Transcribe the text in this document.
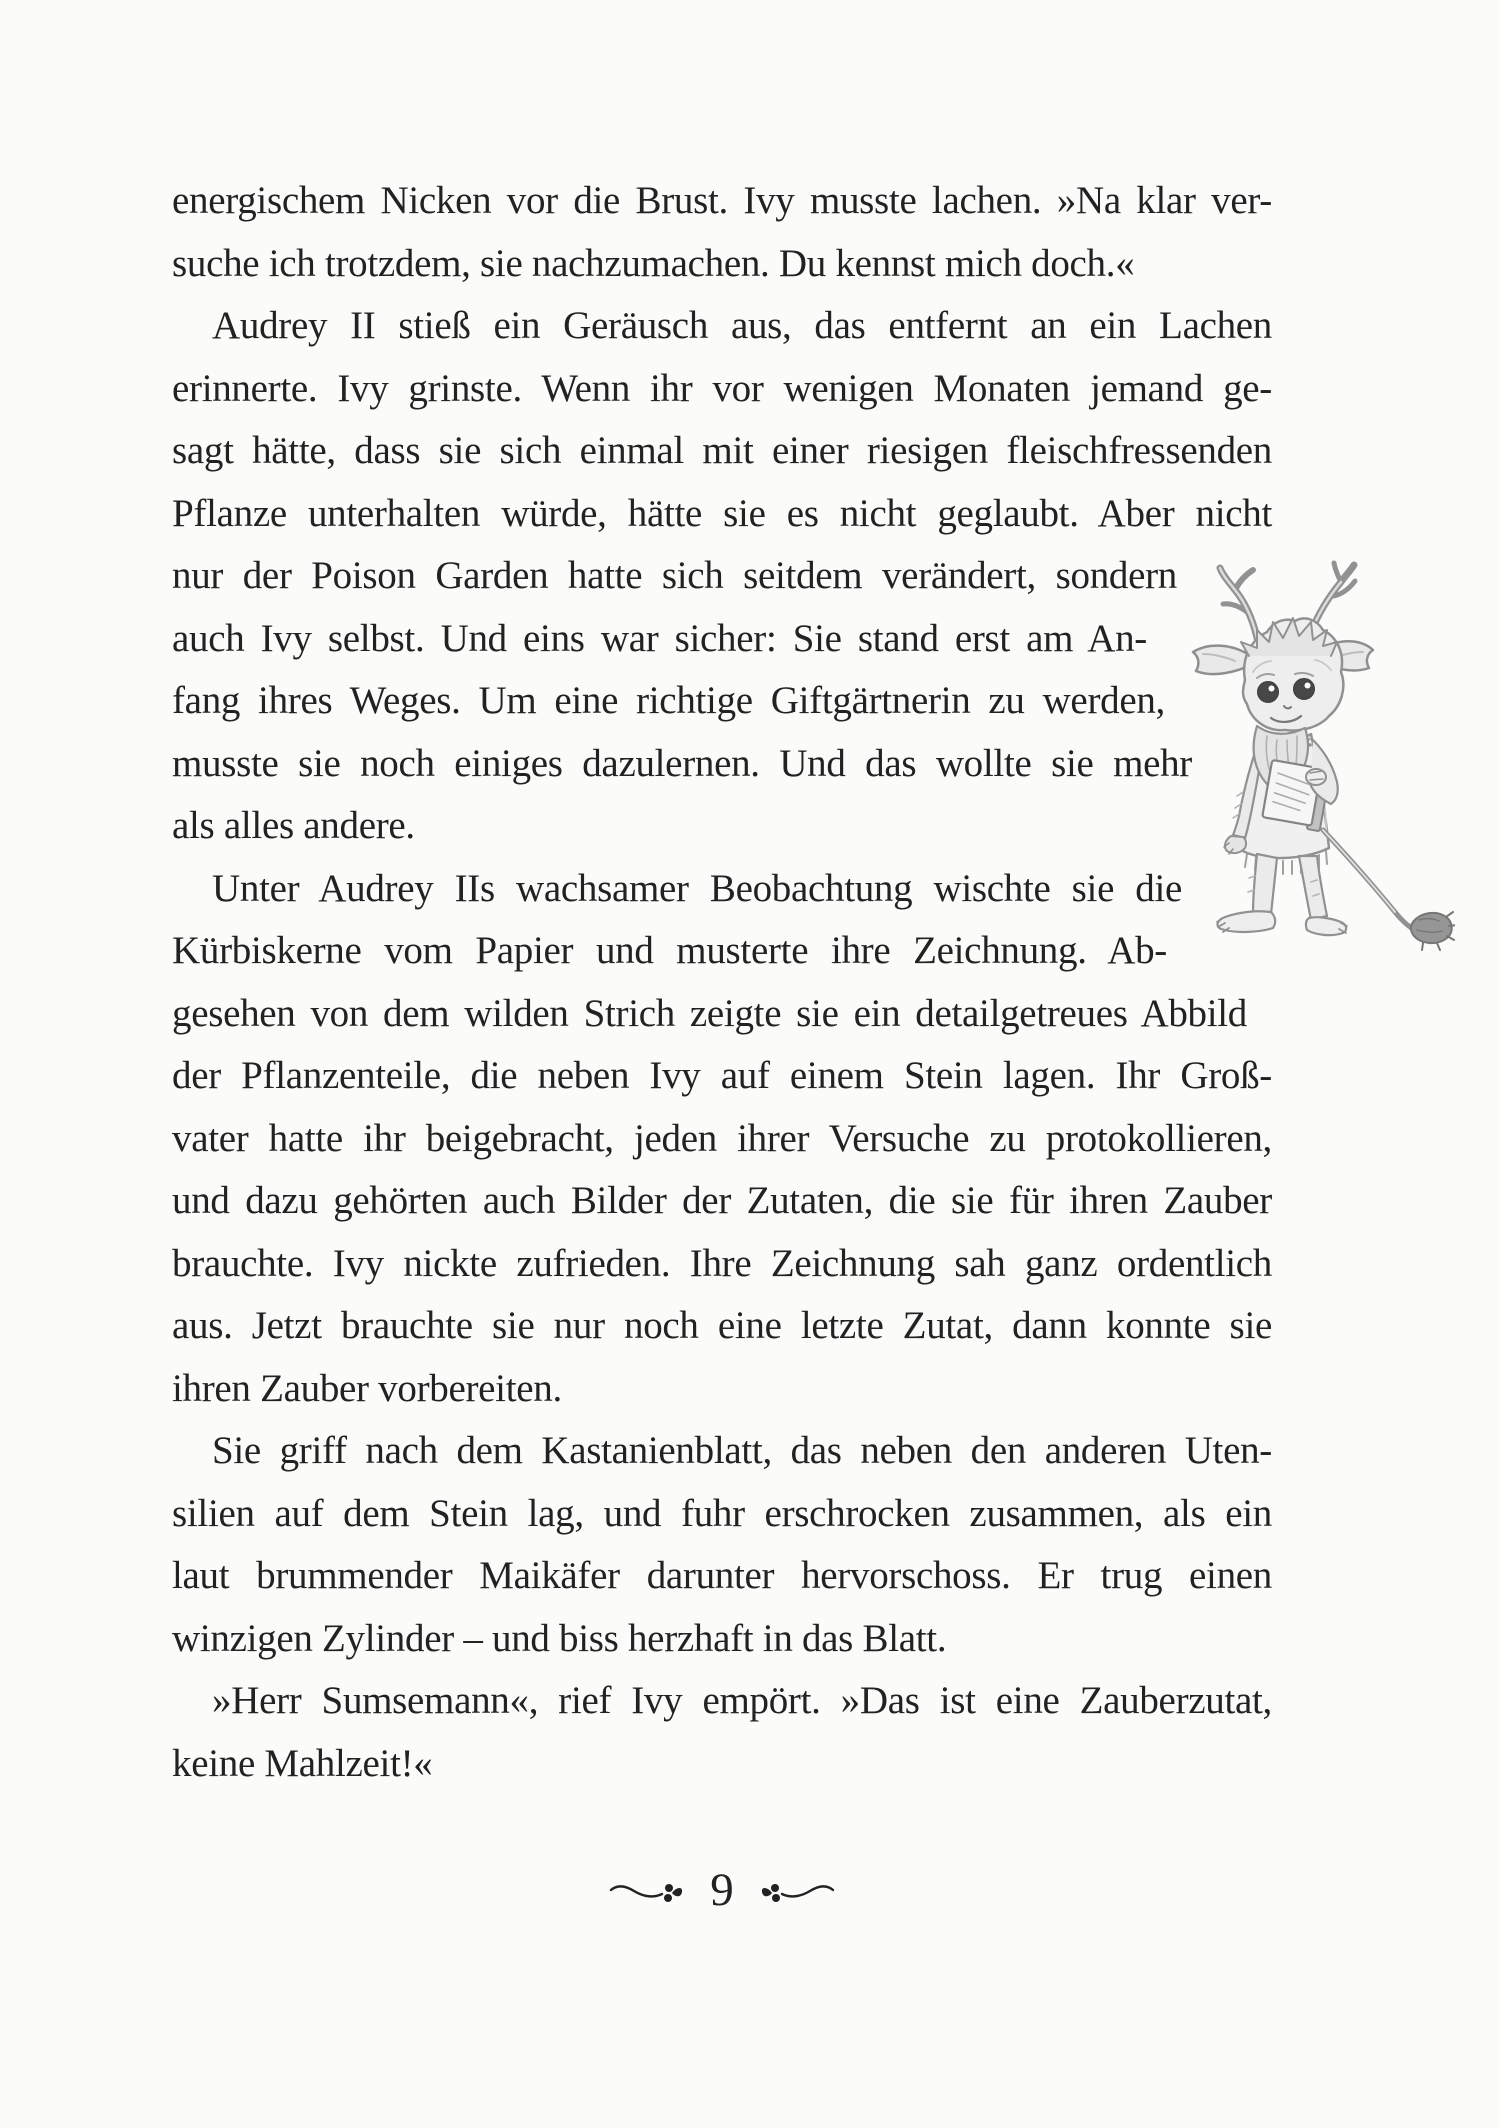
energischem Nicken vor die Brust. Ivy musste lachen. »Na klar ver-
suche ich trotzdem, sie nachzumachen. Du kennst mich doch.«
Audrey II stieß ein Geräusch aus, das entfernt an ein Lachen
erinnerte. Ivy grinste. Wenn ihr vor wenigen Monaten jemand ge-
sagt hätte, dass sie sich einmal mit einer riesigen fleischfressenden
Pflanze unterhalten würde, hätte sie es nicht geglaubt. Aber nicht
nur der Poison Garden hatte sich seitdem verändert, sondern
auch Ivy selbst. Und eins war sicher: Sie stand erst am An-
fang ihres Weges. Um eine richtige Giftgärtnerin zu werden,
musste sie noch einiges dazulernen. Und das wollte sie mehr
als alles andere.
Unter Audrey IIs wachsamer Beobachtung wischte sie die
Kürbiskerne vom Papier und musterte ihre Zeichnung. Ab-
gesehen von dem wilden Strich zeigte sie ein detailgetreues Abbild
der Pflanzenteile, die neben Ivy auf einem Stein lagen. Ihr Groß-
vater hatte ihr beigebracht, jeden ihrer Versuche zu protokollieren,
und dazu gehörten auch Bilder der Zutaten, die sie für ihren Zauber
brauchte. Ivy nickte zufrieden. Ihre Zeichnung sah ganz ordentlich
aus. Jetzt brauchte sie nur noch eine letzte Zutat, dann konnte sie
ihren Zauber vorbereiten.
Sie griff nach dem Kastanienblatt, das neben den anderen Uten-
silien auf dem Stein lag, und fuhr erschrocken zusammen, als ein
laut brummender Maikäfer darunter hervorschoss. Er trug einen
winzigen Zylinder – und biss herzhaft in das Blatt.
»Herr Sumsemann«, rief Ivy empört. »Das ist eine Zauberzutat,
keine Mahlzeit!«
9
